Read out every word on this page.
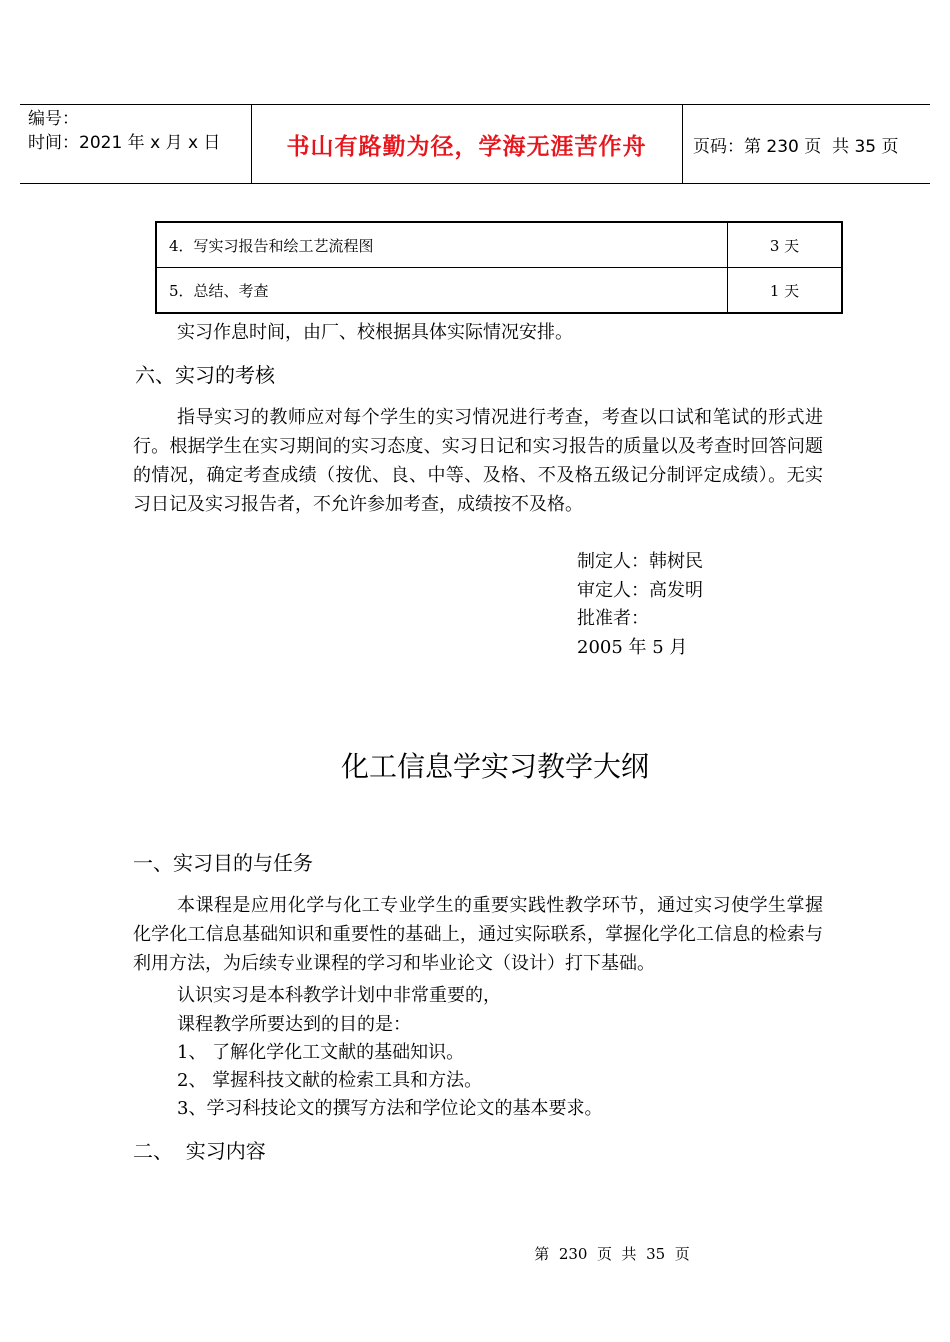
编号：
时间：2021 年 x 月 x 日	书山有路勤为径，学海无涯苦作舟	页码：第 230 页  共 35 页
4．写实习报告和绘工艺流程图	3 天
5．总结、考查	1 天
实习作息时间，由厂、校根据具体实际情况安排。
六、实习的考核
指导实习的教师应对每个学生的实习情况进行考查，考查以口试和笔试的形式进行。根据学生在实习期间的实习态度、实习日记和实习报告的质量以及考查时回答问题的情况，确定考查成绩（按优、良、中等、及格、不及格五级记分制评定成绩）。无实习日记及实习报告者，不允许参加考查，成绩按不及格。
制定人：韩树民
审定人：高发明
批准者：
2005 年 5 月
化工信息学实习教学大纲
一、实习目的与任务
本课程是应用化学与化工专业学生的重要实践性教学环节，通过实习使学生掌握化学化工信息基础知识和重要性的基础上，通过实际联系，掌握化学化工信息的检索与利用方法，为后续专业课程的学习和毕业论文（设计）打下基础。
认识实习是本科教学计划中非常重要的，
课程教学所要达到的目的是：
1、 了解化学化工文献的基础知识。
2、 掌握科技文献的检索工具和方法。
3、学习科技论文的撰写方法和学位论文的基本要求。
二、  实习内容
第  230  页  共  35  页
